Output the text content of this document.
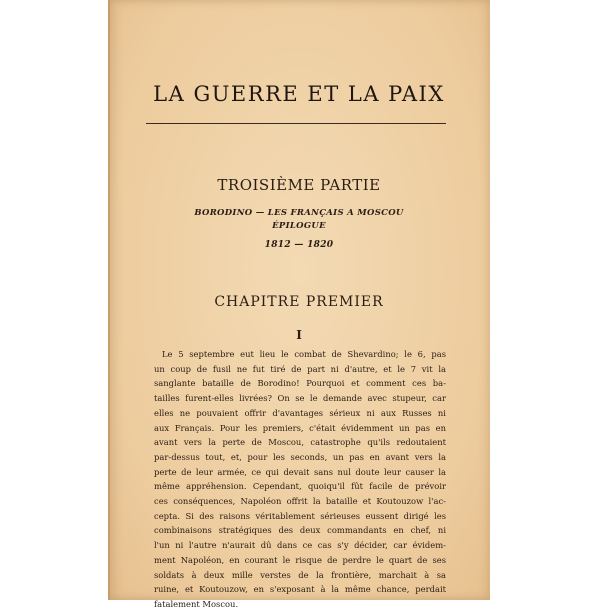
LA GUERRE ET LA PAIX
TROISIÈME PARTIE
BORODINO — LES FRANÇAIS A MOSCOU
ÉPILOGUE
1812 — 1820
CHAPITRE PREMIER
I
Le 5 septembre eut lieu le combat de Shevardino; le 6, pas
un coup de fusil ne fut tiré de part ni d'autre, et le 7 vit la
sanglante bataille de Borodino! Pourquoi et comment ces ba-
tailles furent-elles livrées? On se le demande avec stupeur, car
elles ne pouvaient offrir d'avantages sérieux ni aux Russes ni
aux Français. Pour les premiers, c'était évidemment un pas en
avant vers la perte de Moscou, catastrophe qu'ils redoutaient
par-dessus tout, et, pour les seconds, un pas en avant vers la
perte de leur armée, ce qui devait sans nul doute leur causer la
même appréhension. Cependant, quoiqu'il fût facile de prévoir
ces conséquences, Napoléon offrit la bataille et Koutouzow l'ac-
cepta. Si des raisons véritablement sérieuses eussent dirigé les
combinaisons stratégiques des deux commandants en chef, ni
l'un ni l'autre n'aurait dû dans ce cas s'y décider, car évidem-
ment Napoléon, en courant le risque de perdre le quart de ses
soldats à deux mille verstes de la frontière, marchait à sa
ruine, et Koutouzow, en s'exposant à la même chance, perdait
fatalement Moscou.
